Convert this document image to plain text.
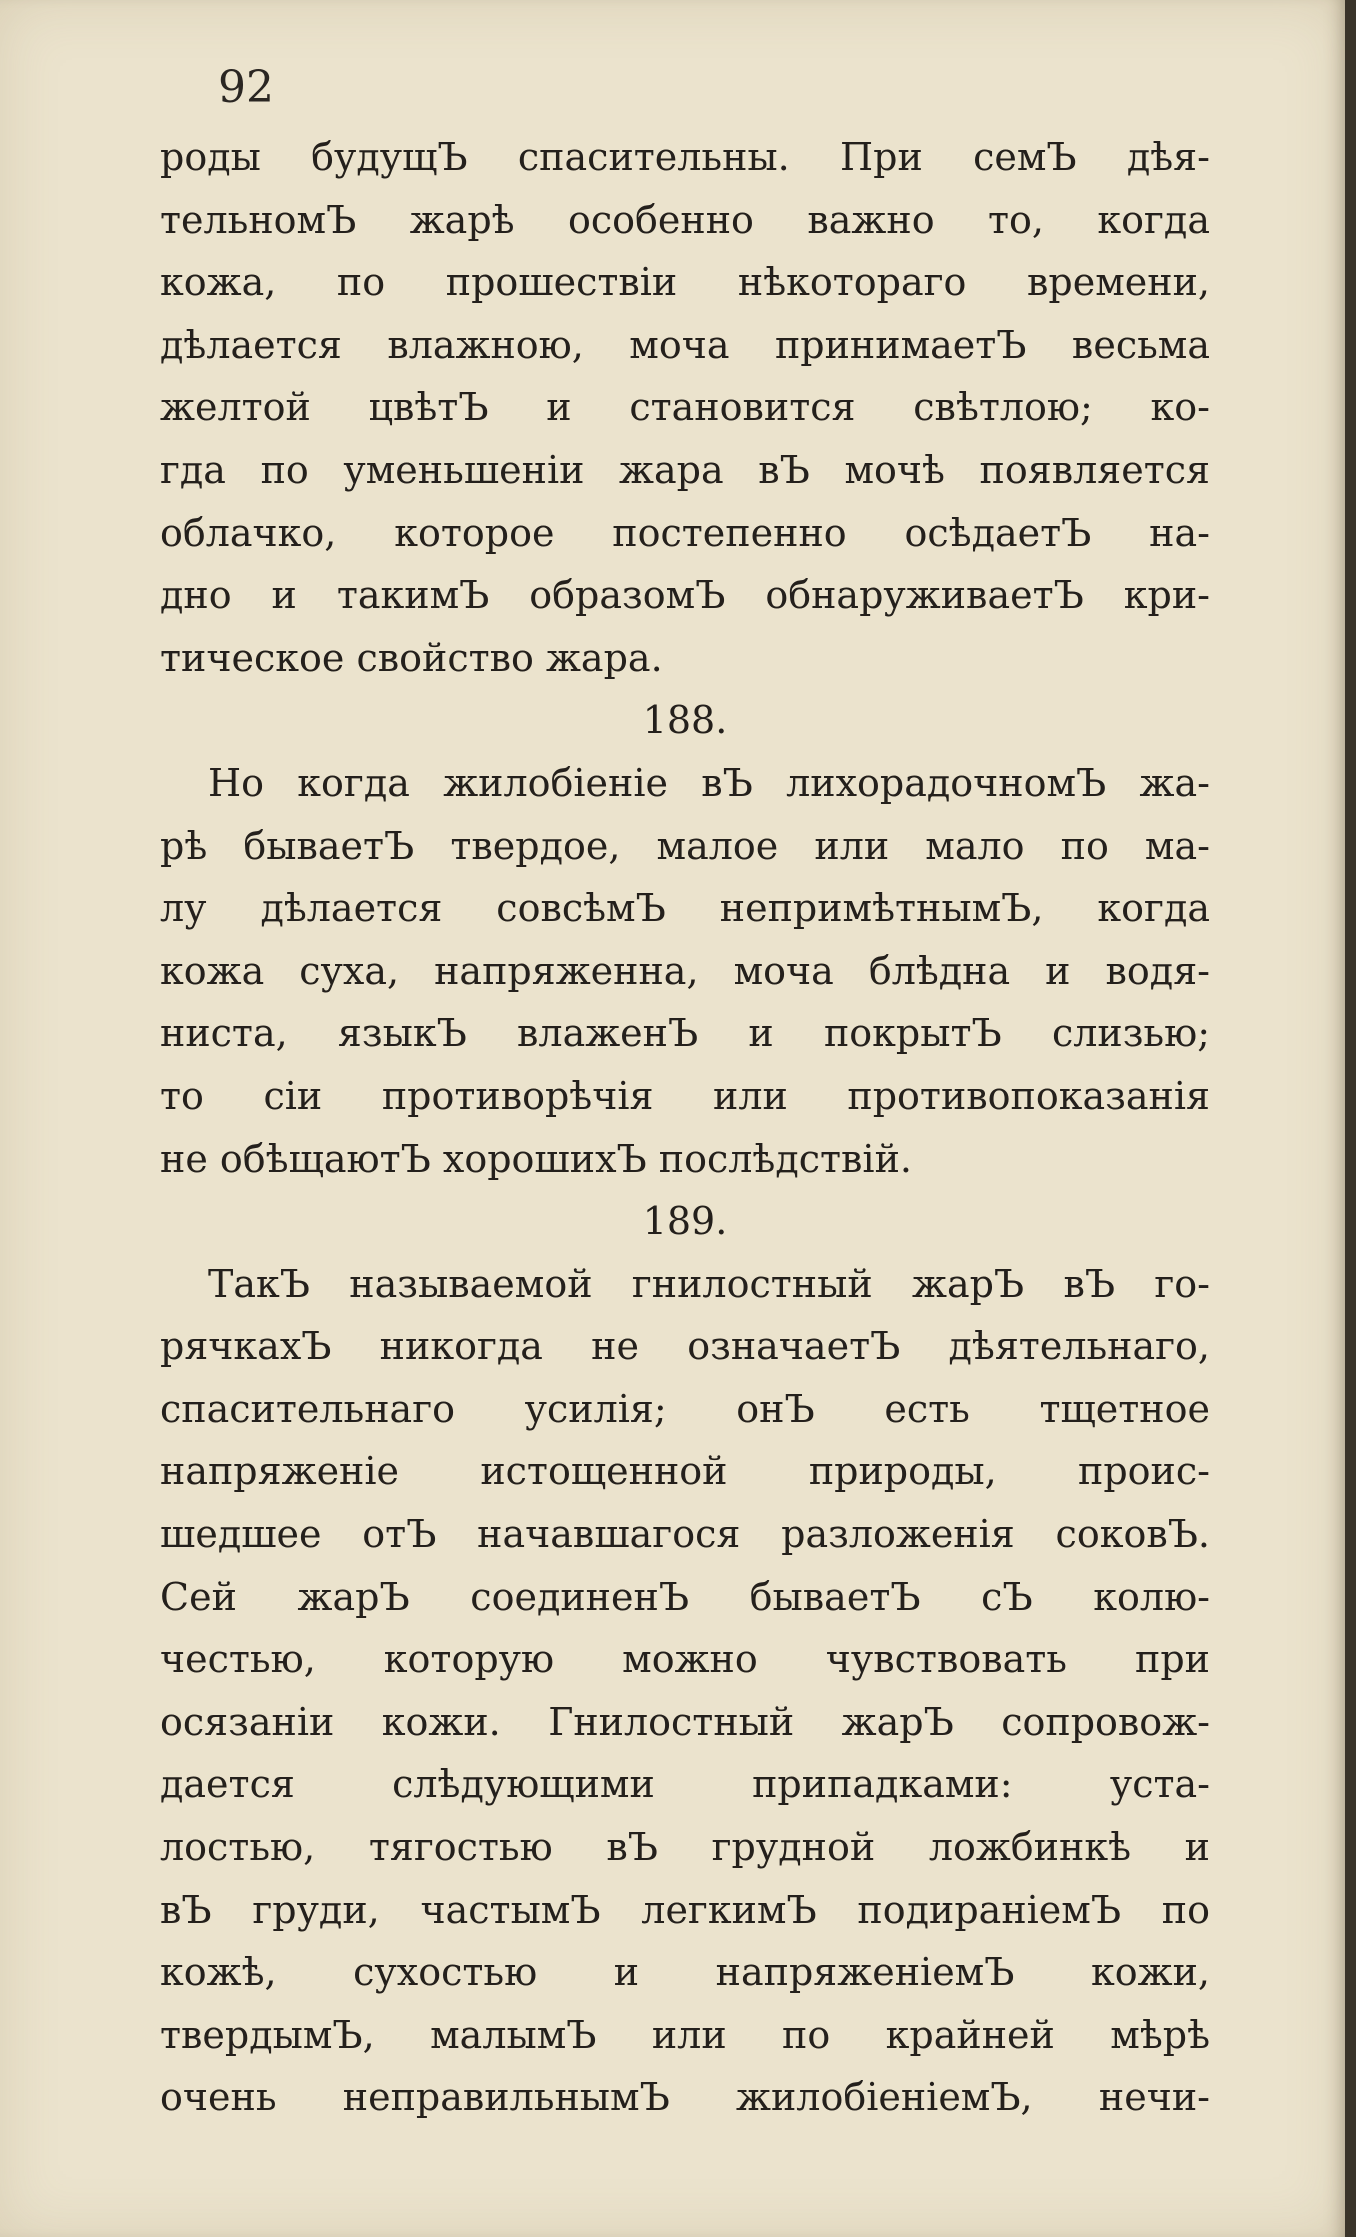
92
роды будущЪ спасительны. При семЪ дѣя-
тельномЪ жарѣ особенно важно то, когда
кожа, по прошествіи нѣкотораго времени,
дѣлается влажною, моча принимаетЪ весьма
желтой цвѣтЪ и становится свѣтлою; ко-
гда по уменьшеніи жара вЪ мочѣ появляется
облачко, которое постепенно осѣдаетЪ на-
дно и такимЪ образомЪ обнаруживаетЪ кри-
тическое свойство жара.
188.
Но когда жилобіеніе вЪ лихорадочномЪ жа-
рѣ бываетЪ твердое, малое или мало по ма-
лу дѣлается совсѣмЪ непримѣтнымЪ, когда
кожа суха, напряженна, моча блѣдна и водя-
ниста, языкЪ влаженЪ и покрытЪ слизью;
то сіи противорѣчія или противопоказанія
не обѣщаютЪ хорошихЪ послѣдствій.
189.
ТакЪ называемой гнилостный жарЪ вЪ го-
рячкахЪ никогда не означаетЪ дѣятельнаго,
спасительнаго усилія; онЪ есть тщетное
напряженіе истощенной природы, проис-
шедшее отЪ начавшагося разложенія соковЪ.
Сей жарЪ соединенЪ бываетЪ сЪ колю-
честью, которую можно чувствовать при
осязаніи кожи. Гнилостный жарЪ сопровож-
дается слѣдующими припадками: уста-
лостью, тягостью вЪ грудной ложбинкѣ и
вЪ груди, частымЪ легкимЪ подираніемЪ по
кожѣ, сухостью и напряженіемЪ кожи,
твердымЪ, малымЪ или по крайней мѣрѣ
очень неправильнымЪ жилобіеніемЪ, нечи-
